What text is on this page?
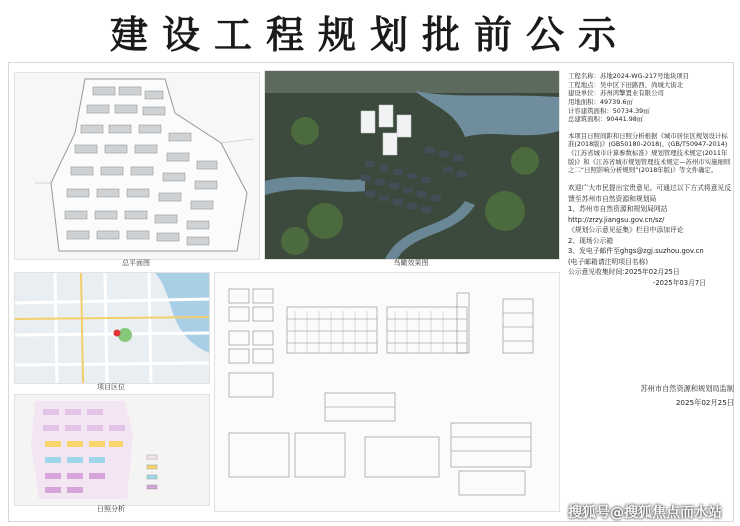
建设工程规划批前公示
总平面图	鸟瞰效果图
项目区位
日照分析
工程名称：苏地2024-WG-217号地块项目
工程地点：吴中区下田路西、尚城大街北
建设单位：苏州鸿擎置业有限公司
用地面积：49739.6㎡
计容建筑面积：50734.39㎡
总建筑面积：90441.98㎡
本项目日照间距和日照分析根据《城市居住区规划设计标准(2018版)》(GB50180-2018)、(GB/T50947-2014)《江苏省城市计算参数标准》规划管理技术规定(2011年版)》和《江苏省城市规划管理技术规定—苏州市实施细则之二“日照影响分析规则”(2018年版)》等文件确定。
欢迎广大市民提出宝贵意见。可通过以下方式将意见反馈至苏州市自然资源和规划局
1、苏州市自然资源和规划局网站
http://zrzy.jiangsu.gov.cn/sz/
《规划公示意见征集》栏目中添加评论
2、现场公示箱
3、发电子邮件至ghgs@zgj.suzhou.gov.cn
(电子邮箱请注明项目名称)
公示意见收集时间:2025年02月25日
-2025年03月7日
苏州市自然资源和规划局监制
2025年02月25日
搜狐号@搜狐焦点而水站
